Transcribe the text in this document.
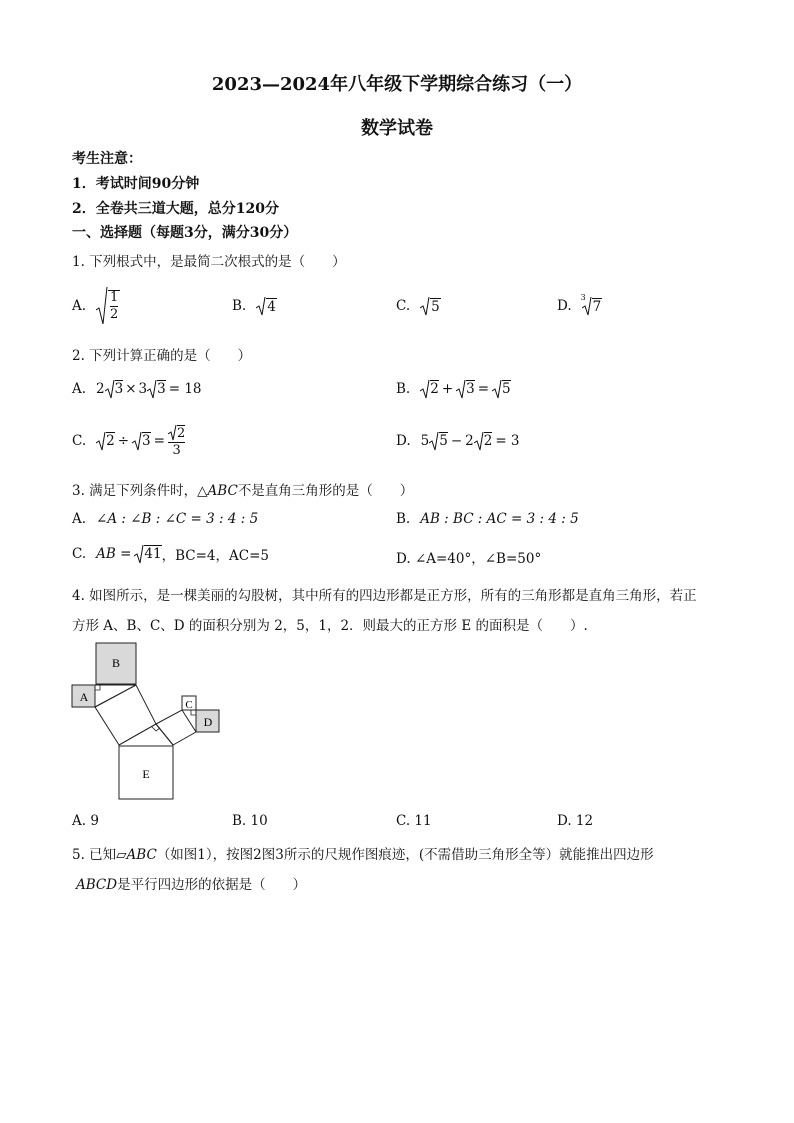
2023—2024年八年级下学期综合练习（一）
数学试卷
考生注意：
1．考试时间90分钟
2．全卷共三道大题，总分120分
一、选择题（每题3分，满分30分）
1. 下列根式中，是最简二次根式的是（　　）
A. $\frac{1}{2}$	B. 4	C. 5	D.
3
7
2. 下列计算正确的是（　　）
A. 2 3 × 3 3 = 18	B. 2 + 3 = 5
C. $2 \div 3 = \frac{2}{3}$	D. 5 5 − 2 2 = 3
3. 满足下列条件时，△ABC不是直角三角形的是（　　）
A. ∠A : ∠B : ∠C = 3 : 4 : 5	B. AB : BC : AC = 3 : 4 : 5
C. AB = 41 ，BC=4，AC=5	D. ∠A=40°，∠B=50°
4. 如图所示，是一棵美丽的勾股树，其中所有的四边形都是正方形，所有的三角形都是直角三角形，若正
方形 A、B、C、D 的面积分别为 2，5，1，2．则最大的正方形 E 的面积是（　　）.
B
A
C
D
E
A. 9	B. 10	C. 11	D. 12
5. 已知▱ABC（如图1），按图2图3所示的尺规作图痕迹，(不需借助三角形全等）就能推出四边形
ABCD是平行四边形的依据是（　　）
